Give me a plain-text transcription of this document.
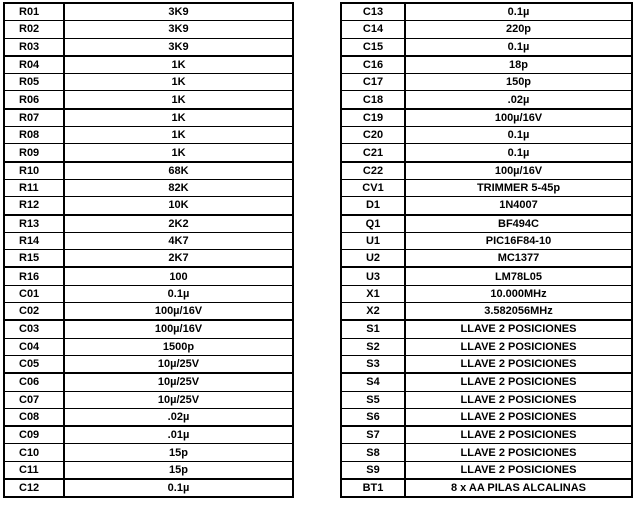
R01	3K9
R02	3K9
R03	3K9
R04	1K
R05	1K
R06	1K
R07	1K
R08	1K
R09	1K
R10	68K
R11	82K
R12	10K
R13	2K2
R14	4K7
R15	2K7
R16	100
C01	0.1µ
C02	100µ/16V
C03	100µ/16V
C04	1500p
C05	10µ/25V
C06	10µ/25V
C07	10µ/25V
C08	.02µ
C09	.01µ
C10	15p
C11	15p
C12	0.1µ
C13	0.1µ
C14	220p
C15	0.1µ
C16	18p
C17	150p
C18	.02µ
C19	100µ/16V
C20	0.1µ
C21	0.1µ
C22	100µ/16V
CV1	TRIMMER 5-45p
D1	1N4007
Q1	BF494C
U1	PIC16F84-10
U2	MC1377
U3	LM78L05
X1	10.000MHz
X2	3.582056MHz
S1	LLAVE 2 POSICIONES
S2	LLAVE 2 POSICIONES
S3	LLAVE 2 POSICIONES
S4	LLAVE 2 POSICIONES
S5	LLAVE 2 POSICIONES
S6	LLAVE 2 POSICIONES
S7	LLAVE 2 POSICIONES
S8	LLAVE 2 POSICIONES
S9	LLAVE 2 POSICIONES
BT1	8 x AA PILAS ALCALINAS
